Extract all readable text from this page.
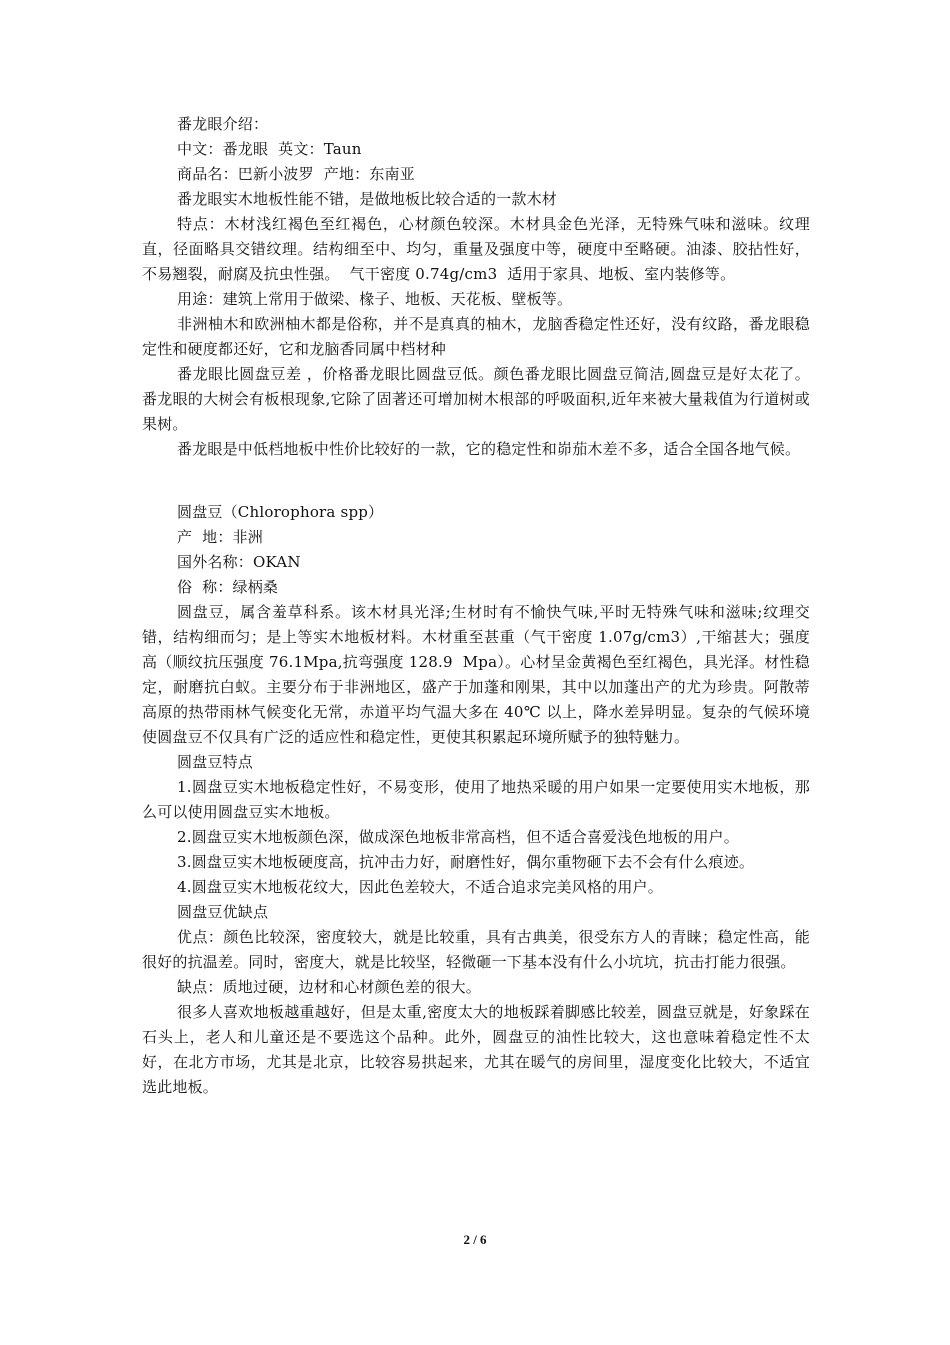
番龙眼介绍：

中文：番龙眼  英文：Taun

商品名：巴新小波罗  产地：东南亚

番龙眼实木地板性能不错，是做地板比较合适的一款木材

特点：木材浅红褐色至红褐色，心材颜色较深。木材具金色光泽，无特殊气味和滋味。纹理直，径面略具交错纹理。结构细至中、均匀，重量及强度中等，硬度中至略硬。油漆、胶拈性好，不易翘裂，耐腐及抗虫性强。  气干密度 0.74g/cm3  适用于家具、地板、室内装修等。

用途：建筑上常用于做梁、椽子、地板、天花板、壁板等。

非洲柚木和欧洲柚木都是俗称，并不是真真的柚木，龙脑香稳定性还好，没有纹路，番龙眼稳定性和硬度都还好，它和龙脑香同属中档材种

番龙眼比圆盘豆差 ，价格番龙眼比圆盘豆低。颜色番龙眼比圆盘豆简洁,圆盘豆是好太花了。番龙眼的大树会有板根现象,它除了固著还可增加树木根部的呼吸面积,近年来被大量栽值为行道树或果树。

番龙眼是中低档地板中性价比较好的一款，它的稳定性和峁茄木差不多，适合全国各地气候。

圆盘豆（Chlorophora spp）

产  地：非洲

国外名称：OKAN

俗  称：绿柄桑

圆盘豆，属含羞草科系。该木材具光泽;生材时有不愉快气味,平时无特殊气味和滋味;纹理交错，结构细而匀；是上等实木地板材料。木材重至甚重（气干密度 1.07g/cm3）,干缩甚大；强度高（顺纹抗压强度 76.1Mpa,抗弯强度 128.9  Mpa）。心材呈金黄褐色至红褐色，具光泽。材性稳定，耐磨抗白蚁。主要分布于非洲地区，盛产于加蓬和刚果，其中以加蓬出产的尤为珍贵。阿散蒂高原的热带雨林气候变化无常，赤道平均气温大多在 40℃ 以上，降水差异明显。复杂的气候环境使圆盘豆不仅具有广泛的适应性和稳定性，更使其积累起环境所赋予的独特魅力。

圆盘豆特点

1.圆盘豆实木地板稳定性好，不易变形，使用了地热采暖的用户如果一定要使用实木地板，那么可以使用圆盘豆实木地板。

2.圆盘豆实木地板颜色深，做成深色地板非常高档，但不适合喜爱浅色地板的用户。

3.圆盘豆实木地板硬度高，抗冲击力好，耐磨性好，偶尔重物砸下去不会有什么痕迹。

4.圆盘豆实木地板花纹大，因此色差较大，不适合追求完美风格的用户。

圆盘豆优缺点

优点：颜色比较深，密度较大，就是比较重，具有古典美，很受东方人的青睐；稳定性高，能很好的抗温差。同时，密度大，就是比较坚，轻微砸一下基本没有什么小坑坑，抗击打能力很强。

缺点：质地过硬，边材和心材颜色差的很大。

很多人喜欢地板越重越好，但是太重,密度太大的地板踩着脚感比较差，圆盘豆就是，好象踩在石头上，老人和儿童还是不要选这个品种。此外，圆盘豆的油性比较大，这也意味着稳定性不太好，在北方市场，尤其是北京，比较容易拱起来，尤其在暖气的房间里，湿度变化比较大，不适宜选此地板。

2 / 6
